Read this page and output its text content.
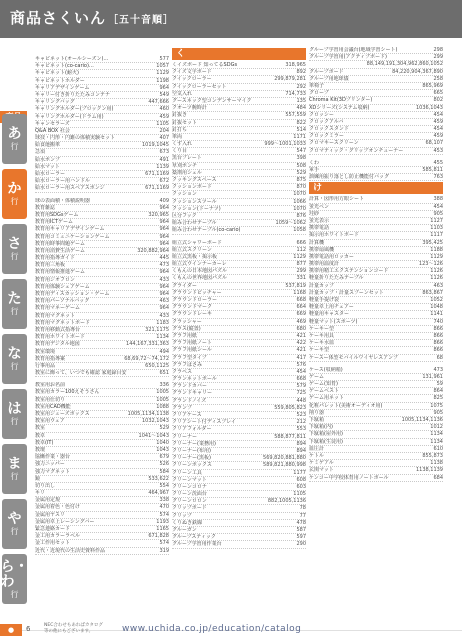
商品さくいん ［五十音順］
あ
行
か
行
さ
行
た
行
な
行
は
行
ま
行
や
行
ら・わ
行
キャビネット(オールシーズン)…	577
キャビネット(co-cario)…	1057
キャビネット(耐火)	1129
キャビネットホルダー	1198
キャリアデザインゲーム	964
キャリー付き折りたたみコンテナ	549
キャリングバッグ	447,666
キャリングホルダー(ブロックン用)	460
キャリングホルダー(ドラム用)	459
キャンセラーズ	1105
Q&A BOX 社会	204
球技・円形・円錐の体積実験セット	407
給食運搬車	1019,1045
急須	673
給水ポンプ	491
給水マット	1139
給水ローラー	671,1169
給水ローラー用ハンドル	672
給水ローラー用スペアスポンジ	671,1169
球の表面積・体積説明器	409
教育雑誌	964
教育用SDGsゲーム	320,965
教育用ICTゲーム	964
教育用キャリアデザインゲーム	964
教育用コミュニケーションゲーム	964
教育用時事問題ゲーム	964
教育用消費生活ゲーム	320,882,964
教育用指導ガイド	445
教育用三角板	473
教育用情報推進ゲーム	964
教育用ジオフロン	433
教育用体験シェアゲーム	964
教育用ディスカッション・ゲーム	964
教育用パーソナルバッグ	463
教育用マネーゲーム	964
教育用マグネット	433
教育用マグネットボード	1183
教育用移動式指導台	321,1175
教育用ホワイトボード	1134
教育用デジタル地図	144,167,331,363
教室環境	494
教育用指導案	68,69,72〜74,172
行事用品	650,1125
教室に飾って、いつでも確認 家庭録目安	651
教室用お名前	336
教室用カラー100えそうさん	1005
教室用仕切り	1005
教室用CAD機能	1088
教室用ジューズボックス	1005,1134,1138
教室用ウェア	1032,1043
教室	529
教卓	1041〜1043
教卓(IT)	1040
教壇	1043
協働作業・器台	679
強力ニッパー	526
強力マグネット	584
鏡	533,622
切り出し	554
キリ	464,967
金属用定規	338
金属用着色・色付け	470
金属用ヤスリ	574
金属用卓上レーシングバー	1193
緊急連絡カード	1165
金工用カラーラベル	671,828
金工作用セット	574
近代・近現代の生活史資料作品	319
く
くイズボード 知ってるSDGs	318,965
クイズ文字ボード	892
クイックローラー	299,879,281
クイックローラーセット	292
空気入れ	714,733
グースネック型コンデンサーマイク	135
クオーツ腕時計	484
釘抜き	557,559
釘抜セット	822
釘打ち	514
車両	1171
くず入れ	999〜1001,1033
くり目	547
黒台プレート	398
草刈ポンチ	508
薬剤用シェル	529
クッキングスペース	875
クッションボード	870
クッション	1070
クッションスツール	1066
クッション(ドーナツ)	1070
区分フック	876
組み合わせテーブル	1059〜1062
組み合わせテーブル(co-cario)	1058
組立式シャワーボード	666
組立式スクリーン	112
組立式黒板・掲示板	1129
組立式ウインナーカーレ	877
くもんの日本地図パズル	299
くもんの世界地図パズル	331
グライダー	537,819
グラウンドピッチャー	1168
グラウンドローラー	668
グラウンドマーク	664
グラウンドレーキ	669
クラッシャー	469
グラス(縦置)	680
グラフ用紙	421
グラフ用紙ノート	422
グラフ用紙シール	421
グラフ型タイプ	417
グラフはさみ	576
クラベス	454
グランネットボール	668
グランドカバー	579
グランドキャリー	725
グランドノイズ	448
グランプ	559,805,823
クリアケース	523
クリアシート付ディスプレイ	212
クリアフォルダー	553
クリーナー	588,877,811
クリーナー(業務用)	894
クリーナー(布用)	894
クリーナー(黒板)	569,820,881,880
クリーンボックス	589,821,880,998
クリーン工具	1177
クリーンマット	608
クリーンコロナ	603
クリーン洗面台	1105
グリーンロロン	882,1005,1136
クリップボード	78
クリップ	77
くりぬき鉄線	478
グルーガン	587
グループスティック	597
グループ学習用作業台	290
グループ学習用会議台(地域学習シート)	298
グループ学習用(アクティブボード)	299
88,149,191,304,962,860,1052
グループボード	84,220,904,367,890
グループ用地球儀	258
車椅子	865,969
グローブ	665
Chroma Kit(3Dプリンター)	802
XDシリーズ(システム収納)	1036,1043
クロッシー	454
クロックアルバ	459
クロックスタンド	454
クロックミラー	459
クロマキースクリーン	68,107
クロマティック・グリップオンチューナー	453
くわ	455
軍手	585,811
訓練用振り落とし防止機能付バッグ	763
け
計算・図形用方眼シート	388
蛍光ペン	454
珪砂	905
蛍光表示	1127
携帯電話	1103
掲示用ホワイトボード	1117
計算機	395,425
携帯扇風機	1188
携帯電話用ロッカー	1129
携帯用温度計	123〜126
携帯用精工エクステンションコード	1126
軽量折りたたみテーブル	1126
計量カップ	463
計量カップ・計量スプーンセット	863,867
軽量手提げ袋	1052
軽量卓上用チェアー	1048
軽量用キャスター	1141
軽量マット(スポーツ)	740
ケーキー型	866
ケーキ用具	866
ケーキ水皿	866
ケーキ型	866
ケースー体型モバイルワイヤレスアンプ	68
ケース(収納箱)	473
ゲーム	131,961
ゲーム(知育)	59
ゲームベスト	864
ゲーム用ネット	825
化粧パレット(美術オーディオ用)	1075
削り器	905
下駄箱	1005,1134,1136
下駄箱(内)	1012
下駄箱(屋外用)	1134
下駄箱(生徒用)	1134
血圧計	610
ケトル	855,873
ケミゲアル	1138
玄関マット	1138,1139
ケンコー中学校体育用ノートボール	684
●	6	NEC合わせもあればカタログ等の他にもございます。	www.uchida.co.jp/education/catalog
